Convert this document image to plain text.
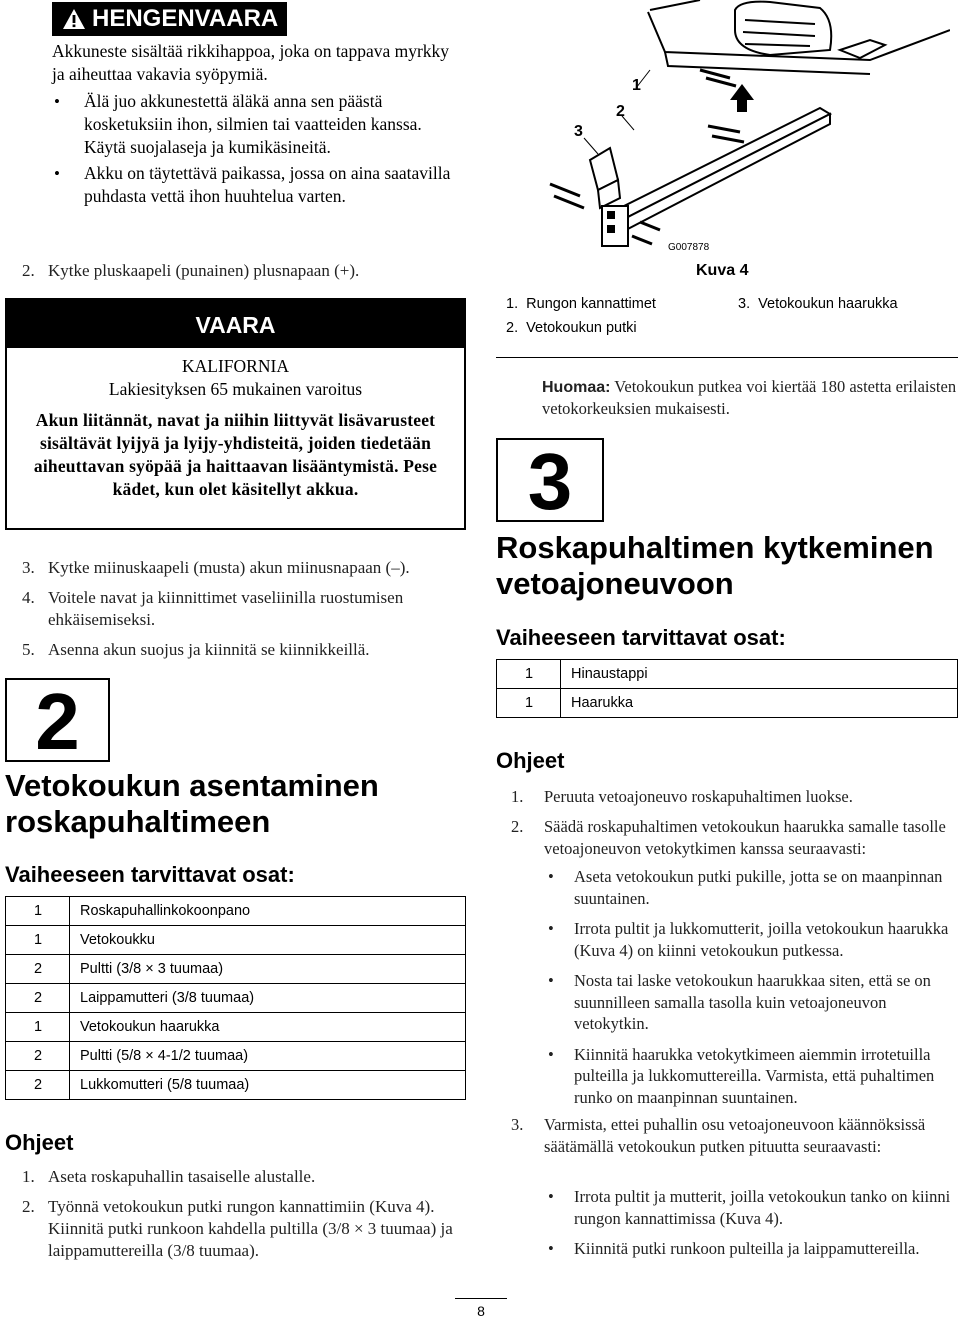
HENGENVAARA
Akkuneste sisältää rikkihappoa, joka on tappava myrkky ja aiheuttaa vakavia syöpymiä.
• Älä juo akkunestettä äläkä anna sen päästä kosketuksiin ihon, silmien tai vaatteiden kanssa. Käytä suojalaseja ja kumikäsineitä.
• Akku on täytettävä paikassa, jossa on aina saatavilla puhdasta vettä ihon huuhtelua varten.
2. Kytke pluskaapeli (punainen) plusnapaan (+).
VAARA
KALIFORNIA
Lakiesityksen 65 mukainen varoitus
Akun liitännät, navat ja niihin liittyvät lisävarusteet sisältävät lyijyä ja lyijy-yhdisteitä, joiden tiedetään aiheuttavan syöpää ja haittaavan lisääntymistä. Pese kädet, kun olet käsitellyt akkua.
3. Kytke miinuskaapeli (musta) akun miinusnapaan (–).
4. Voitele navat ja kiinnittimet vaseliinilla ruostumisen ehkäisemiseksi.
5. Asenna akun suojus ja kiinnitä se kiinnikkeillä.
2
Vetokoukun asentaminen
roskapuhaltimeen
Vaiheeseen tarvittavat osat:
1	Roskapuhallinkokoonpano
1	Vetokoukku
2	Pultti (3/8 × 3 tuumaa)
2	Laippamutteri (3/8 tuumaa)
1	Vetokoukun haarukka
2	Pultti (5/8 × 4-1/2 tuumaa)
2	Lukkomutteri (5/8 tuumaa)
Ohjeet
1. Aseta roskapuhallin tasaiselle alustalle.
2. Työnnä vetokoukun putki rungon kannattimiin (Kuva 4). Kiinnitä putki runkoon kahdella pultilla (3/8 × 3 tuumaa) ja laippamuttereilla (3/8 tuumaa).
1
2
3
G007878
Kuva 4
1. Rungon kannattimet
2. Vetokoukun putki
3. Vetokoukun haarukka
Huomaa: Vetokoukun putkea voi kiertää 180 astetta erilaisten vetokorkeuksien mukaisesti.
3
Roskapuhaltimen kytkeminen
vetoajoneuvoon
Vaiheeseen tarvittavat osat:
1	Hinaustappi
1	Haarukka
Ohjeet
1. Peruuta vetoajoneuvo roskapuhaltimen luokse.
2. Säädä roskapuhaltimen vetokoukun haarukka samalle tasolle vetoajoneuvon vetokytkimen kanssa seuraavasti:
• Aseta vetokoukun putki pukille, jotta se on maanpinnan suuntainen.
• Irrota pultit ja lukkomutterit, joilla vetokoukun haarukka (Kuva 4) on kiinni vetokoukun putkessa.
• Nosta tai laske vetokoukun haarukkaa siten, että se on suunnilleen samalla tasolla kuin vetoajoneuvon vetokytkin.
• Kiinnitä haarukka vetokytkimeen aiemmin irrotetuilla pulteilla ja lukkomuttereilla. Varmista, että puhaltimen runko on maanpinnan suuntainen.
3. Varmista, ettei puhallin osu vetoajoneuvoon käännöksissä säätämällä vetokoukun putken pituutta seuraavasti:
• Irrota pultit ja mutterit, joilla vetokoukun tanko on kiinni rungon kannattimissa (Kuva 4).
• Kiinnitä putki runkoon pulteilla ja laippamuttereilla.
8
